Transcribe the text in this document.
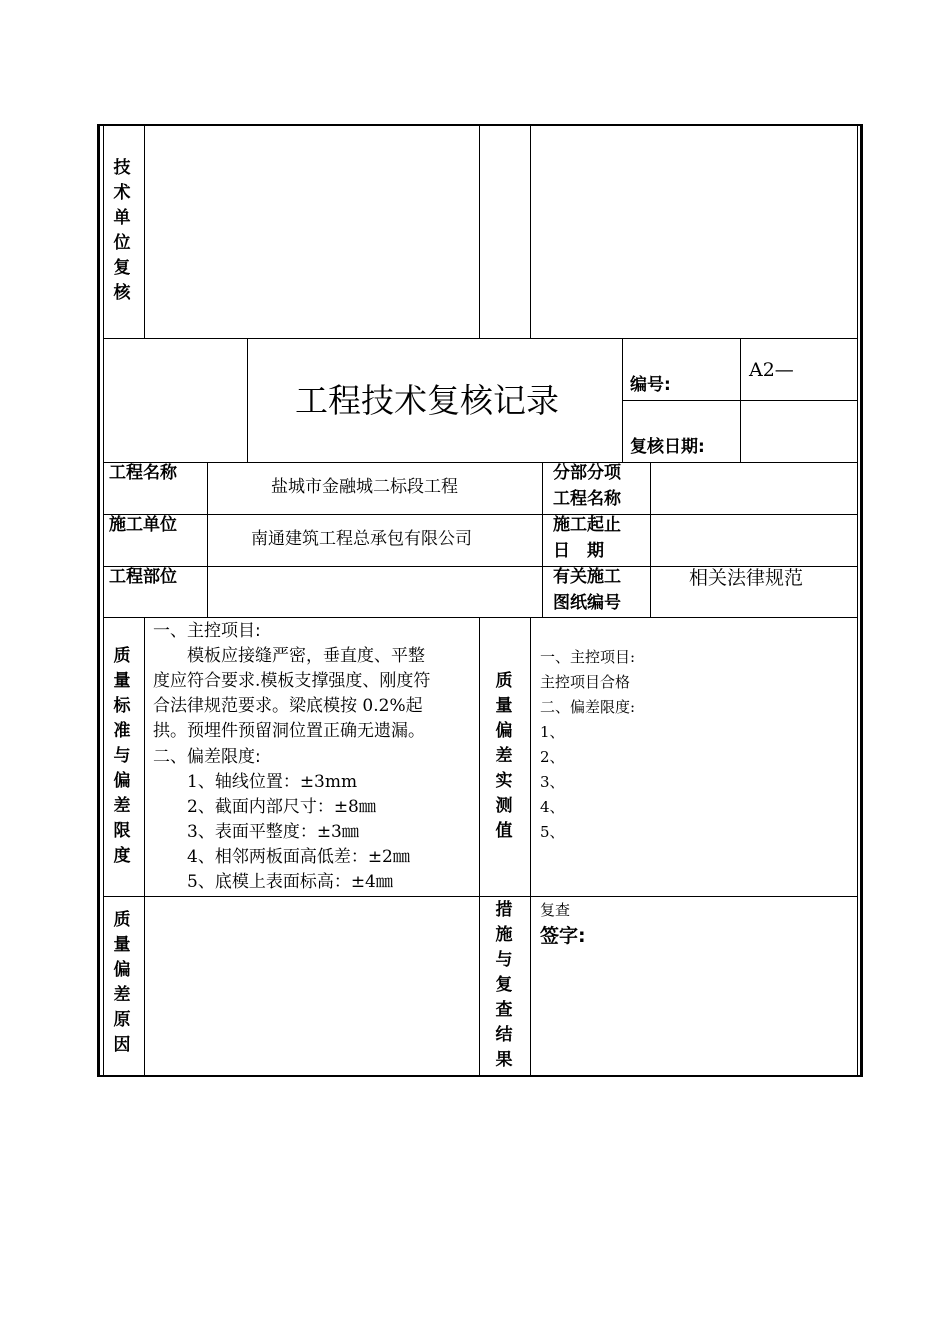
技
术
单
位
复
核
工程技术复核记录	编号:
A2—
复核日期:
工程名称
盐城市金融城二标段工程
分部分项
工程名称
施工单位
南通建筑工程总承包有限公司
施工起止
日　期
工程部位	有关施工
图纸编号
相关法律规范
质
量
标
准
与
偏
差
限
度
一、主控项目:
　　模板应接缝严密，垂直度、平整
度应符合要求.模板支撑强度、刚度符
合法律规范要求。梁底模按 0.2%起
拱。预埋件预留洞位置正确无遗漏。
二、偏差限度:
　　1、轴线位置：±3mm
　　2、截面内部尺寸：±8㎜
　　3、表面平整度：±3㎜
　　4、相邻两板面高低差：±2㎜
　　5、底模上表面标高：±4㎜
质
量
偏
差
实
测
值
一、主控项目:
主控项目合格
二、偏差限度:
1、
2、
3、
4、
5、
质
量
偏
差
原
因
措
施
与
复
查
结
果
复查
签字:
